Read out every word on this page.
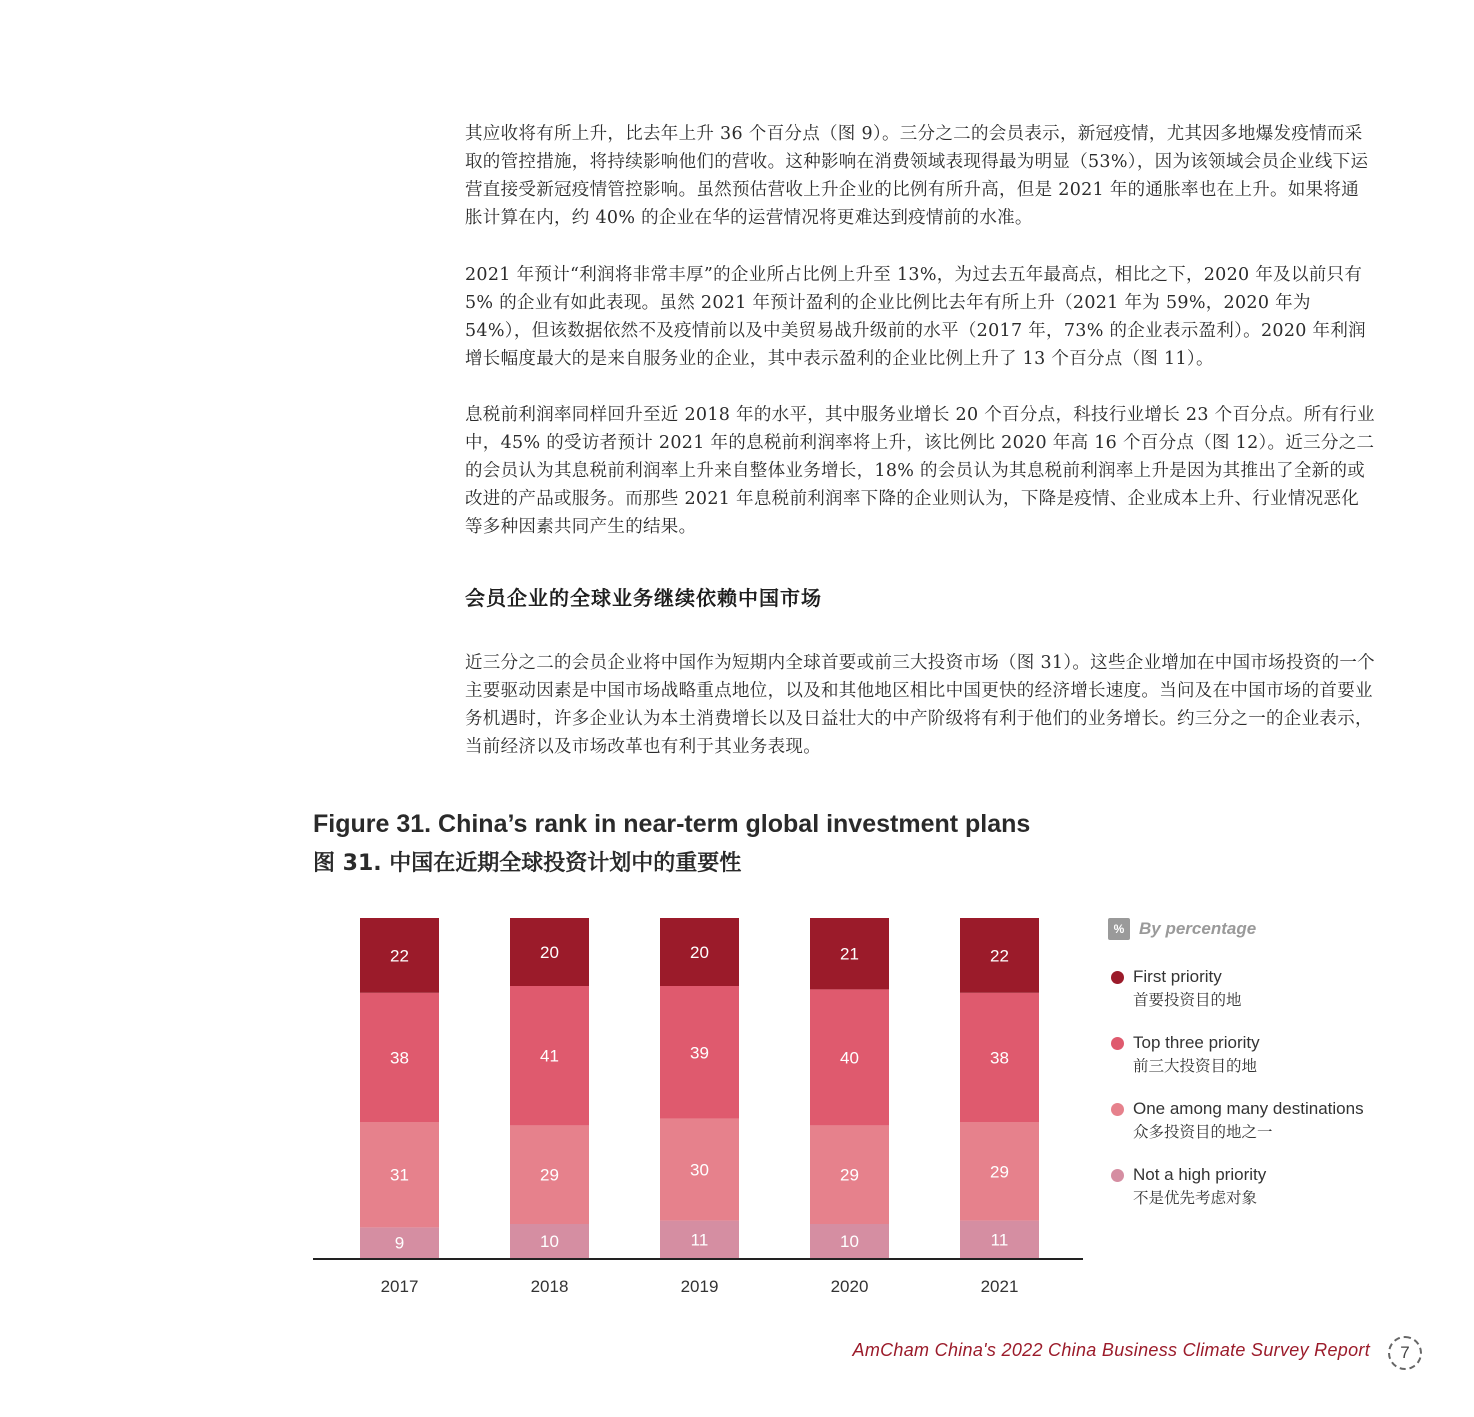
其应收将有所上升，比去年上升 36 个百分点（图 9）。三分之二的会员表示，新冠疫情，尤其因多地爆发疫情而采取的管控措施，将持续影响他们的营收。这种影响在消费领域表现得最为明显（53%），因为该领域会员企业线下运营直接受新冠疫情管控影响。虽然预估营收上升企业的比例有所升高，但是 2021 年的通胀率也在上升。如果将通胀计算在内，约 40% 的企业在华的运营情况将更难达到疫情前的水准。

2021 年预计“利润将非常丰厚”的企业所占比例上升至 13%，为过去五年最高点，相比之下，2020 年及以前只有 5% 的企业有如此表现。虽然 2021 年预计盈利的企业比例比去年有所上升（2021 年为 59%，2020 年为 54%），但该数据依然不及疫情前以及中美贸易战升级前的水平（2017 年，73% 的企业表示盈利）。2020 年利润增长幅度最大的是来自服务业的企业，其中表示盈利的企业比例上升了 13 个百分点（图 11）。

息税前利润率同样回升至近 2018 年的水平，其中服务业增长 20 个百分点，科技行业增长 23 个百分点。所有行业中，45% 的受访者预计 2021 年的息税前利润率将上升，该比例比 2020 年高 16 个百分点（图 12）。近三分之二的会员认为其息税前利润率上升来自整体业务增长，18% 的会员认为其息税前利润率上升是因为其推出了全新的或改进的产品或服务。而那些 2021 年息税前利润率下降的企业则认为，下降是疫情、企业成本上升、行业情况恶化等多种因素共同产生的结果。

会员企业的全球业务继续依赖中国市场

近三分之二的会员企业将中国作为短期内全球首要或前三大投资市场（图 31）。这些企业增加在中国市场投资的一个主要驱动因素是中国市场战略重点地位，以及和其他地区相比中国更快的经济增长速度。当问及在中国市场的首要业务机遇时，许多企业认为本土消费增长以及日益壮大的中产阶级将有利于他们的业务增长。约三分之一的企业表示，当前经济以及市场改革也有利于其业务表现。

Figure 31. China’s rank in near-term global investment plans
图 31. 中国在近期全球投资计划中的重要性
9
31
38
22
2017
10
29
41
20
2018
11
30
39
20
2019
10
29
40
21
2020
11
29
38
22
2021
% By percentage
First priority
首要投资目的地
Top three priority
前三大投资目的地
One among many destinations
众多投资目的地之一
Not a high priority
不是优先考虑对象
AmCham China's 2022 China Business Climate Survey Report	7
